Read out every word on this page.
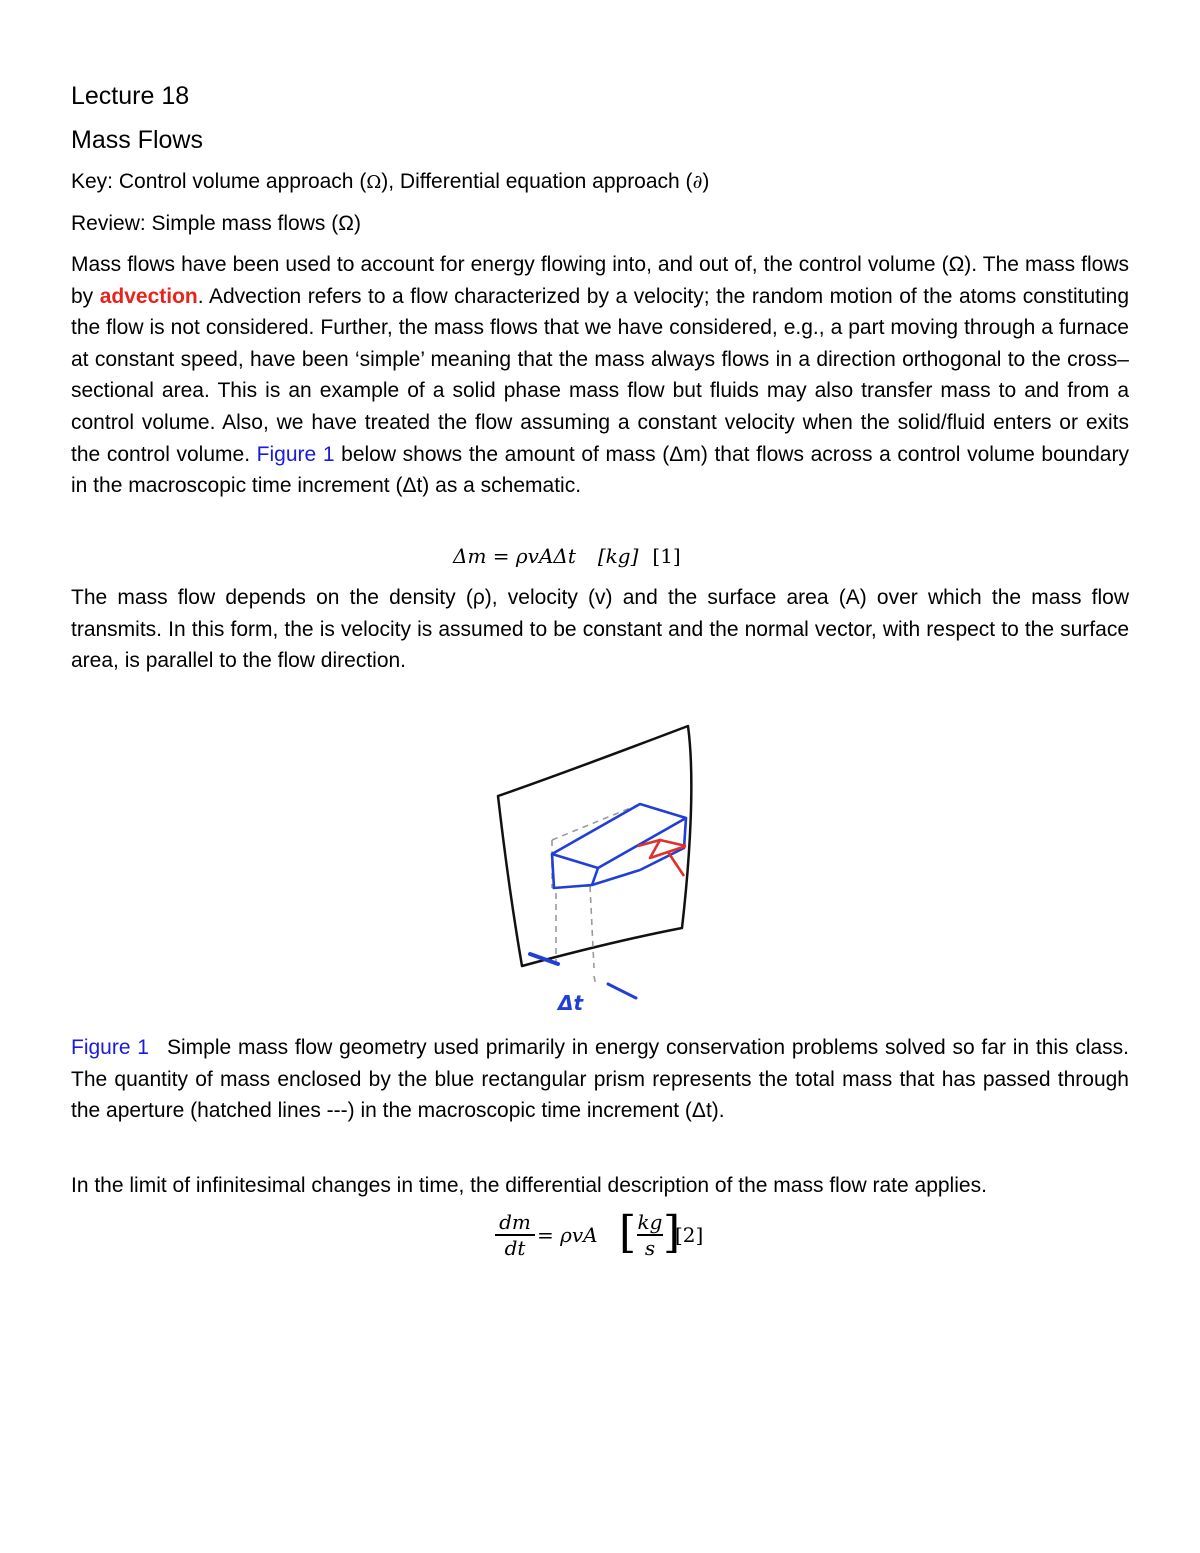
Lecture 18
Mass Flows
Key: Control volume approach (Ω), Differential equation approach (∂)
Review: Simple mass flows (Ω)
Mass flows have been used to account for energy flowing into, and out of, the control volume (Ω). The mass flows by advection. Advection refers to a flow characterized by a velocity; the random motion of the atoms constituting the flow is not considered. Further, the mass flows that we have considered, e.g., a part moving through a furnace at constant speed, have been ‘simple’ meaning that the mass always flows in a direction orthogonal to the cross–sectional area. This is an example of a solid phase mass flow but fluids may also transfer mass to and from a control volume. Also, we have treated the flow assuming a constant velocity when the solid/fluid enters or exits the control volume. Figure 1 below shows the amount of mass (Δm) that flows across a control volume boundary in the macroscopic time increment (Δt) as a schematic.
Δm = ρvAΔt [kg] [1]
The mass flow depends on the density (ρ), velocity (v) and the surface area (A) over which the mass flow transmits. In this form, the is velocity is assumed to be constant and the normal vector, with respect to the surface area, is parallel to the flow direction.
Δt
Figure 1 Simple mass flow geometry used primarily in energy conservation problems solved so far in this class. The quantity of mass enclosed by the blue rectangular prism represents the total mass that has passed through the aperture (hatched lines ---) in the macroscopic time increment (Δt).
In the limit of infinitesimal changes in time, the differential description of the mass flow rate applies.
dm
dt
= ρvA [ kg
s ]
[2]
